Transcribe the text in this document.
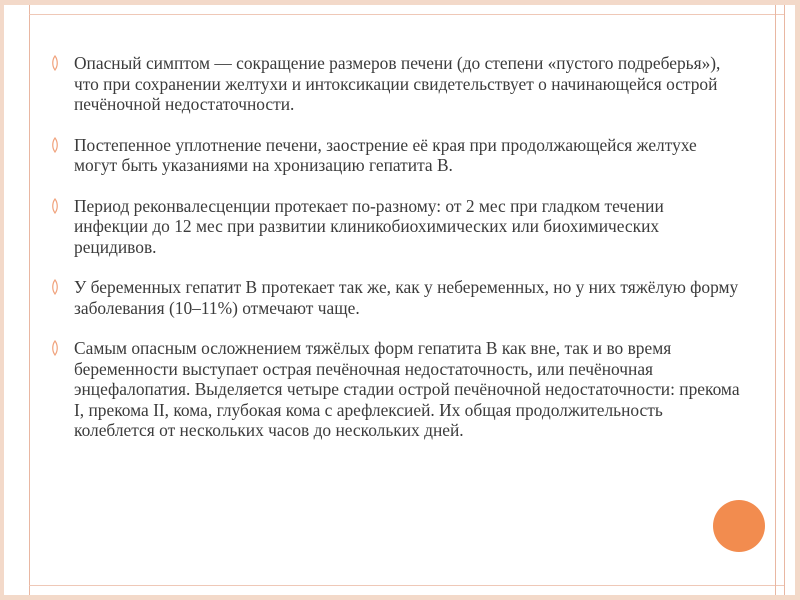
Опасный симптом — сокращение размеров печени (до степени «пустого подреберья»), что при сохранении желтухи и интоксикации свидетельствует о начинающейся острой печёночной недостаточности.
Постепенное уплотнение печени, заострение её края при продолжающейся желтухе могут быть указаниями на хронизацию гепатита В.
Период реконвалесценции протекает по-разному: от 2 мес при гладком течении инфекции до 12 мес при развитии клиникобиохимических или биохимических рецидивов.
У беременных гепатит В протекает так же, как у небеременных, но у них тяжёлую форму заболевания (10–11%) отмечают чаще.
Самым опасным осложнением тяжёлых форм гепатита В как вне, так и во время беременности выступает острая печёночная недостаточность, или печёночная энцефалопатия. Выделяется четыре стадии острой печёночной недостаточности: прекома I, прекома II, кома, глубокая кома с арефлексией. Их общая продолжительность колеблется от нескольких часов до нескольких дней.
